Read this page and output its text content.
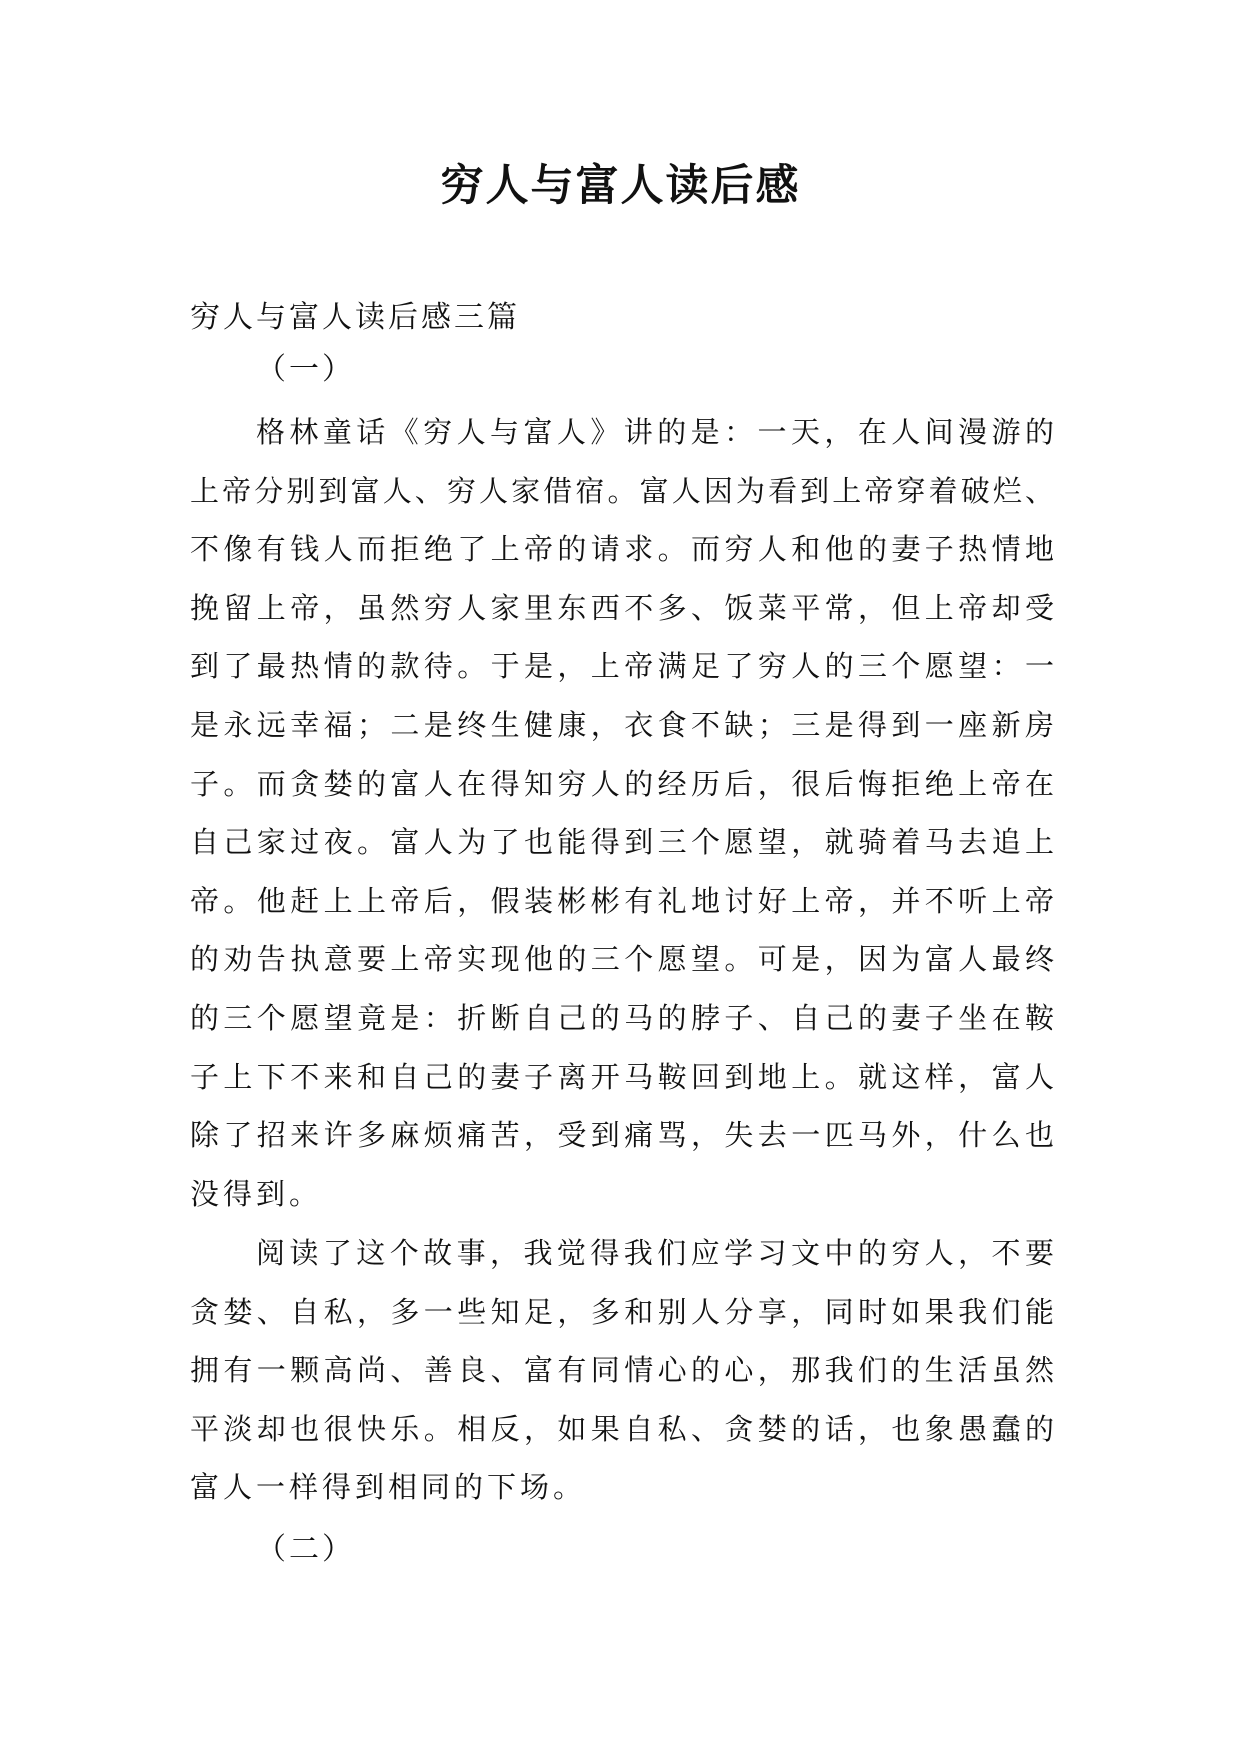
穷人与富人读后感
穷人与富人读后感三篇
（一）
格林童话《穷人与富人》讲的是：一天，在人间漫游的
上帝分别到富人、穷人家借宿。富人因为看到上帝穿着破烂、
不像有钱人而拒绝了上帝的请求。而穷人和他的妻子热情地
挽留上帝，虽然穷人家里东西不多、饭菜平常，但上帝却受
到了最热情的款待。于是，上帝满足了穷人的三个愿望：一
是永远幸福；二是终生健康，衣食不缺；三是得到一座新房
子。而贪婪的富人在得知穷人的经历后，很后悔拒绝上帝在
自己家过夜。富人为了也能得到三个愿望，就骑着马去追上
帝。他赶上上帝后，假装彬彬有礼地讨好上帝，并不听上帝
的劝告执意要上帝实现他的三个愿望。可是，因为富人最终
的三个愿望竟是：折断自己的马的脖子、自己的妻子坐在鞍
子上下不来和自己的妻子离开马鞍回到地上。就这样，富人
除了招来许多麻烦痛苦，受到痛骂，失去一匹马外，什么也
没得到。
阅读了这个故事，我觉得我们应学习文中的穷人，不要
贪婪、自私，多一些知足，多和别人分享，同时如果我们能
拥有一颗高尚、善良、富有同情心的心，那我们的生活虽然
平淡却也很快乐。相反，如果自私、贪婪的话，也象愚蠢的
富人一样得到相同的下场。
（二）
